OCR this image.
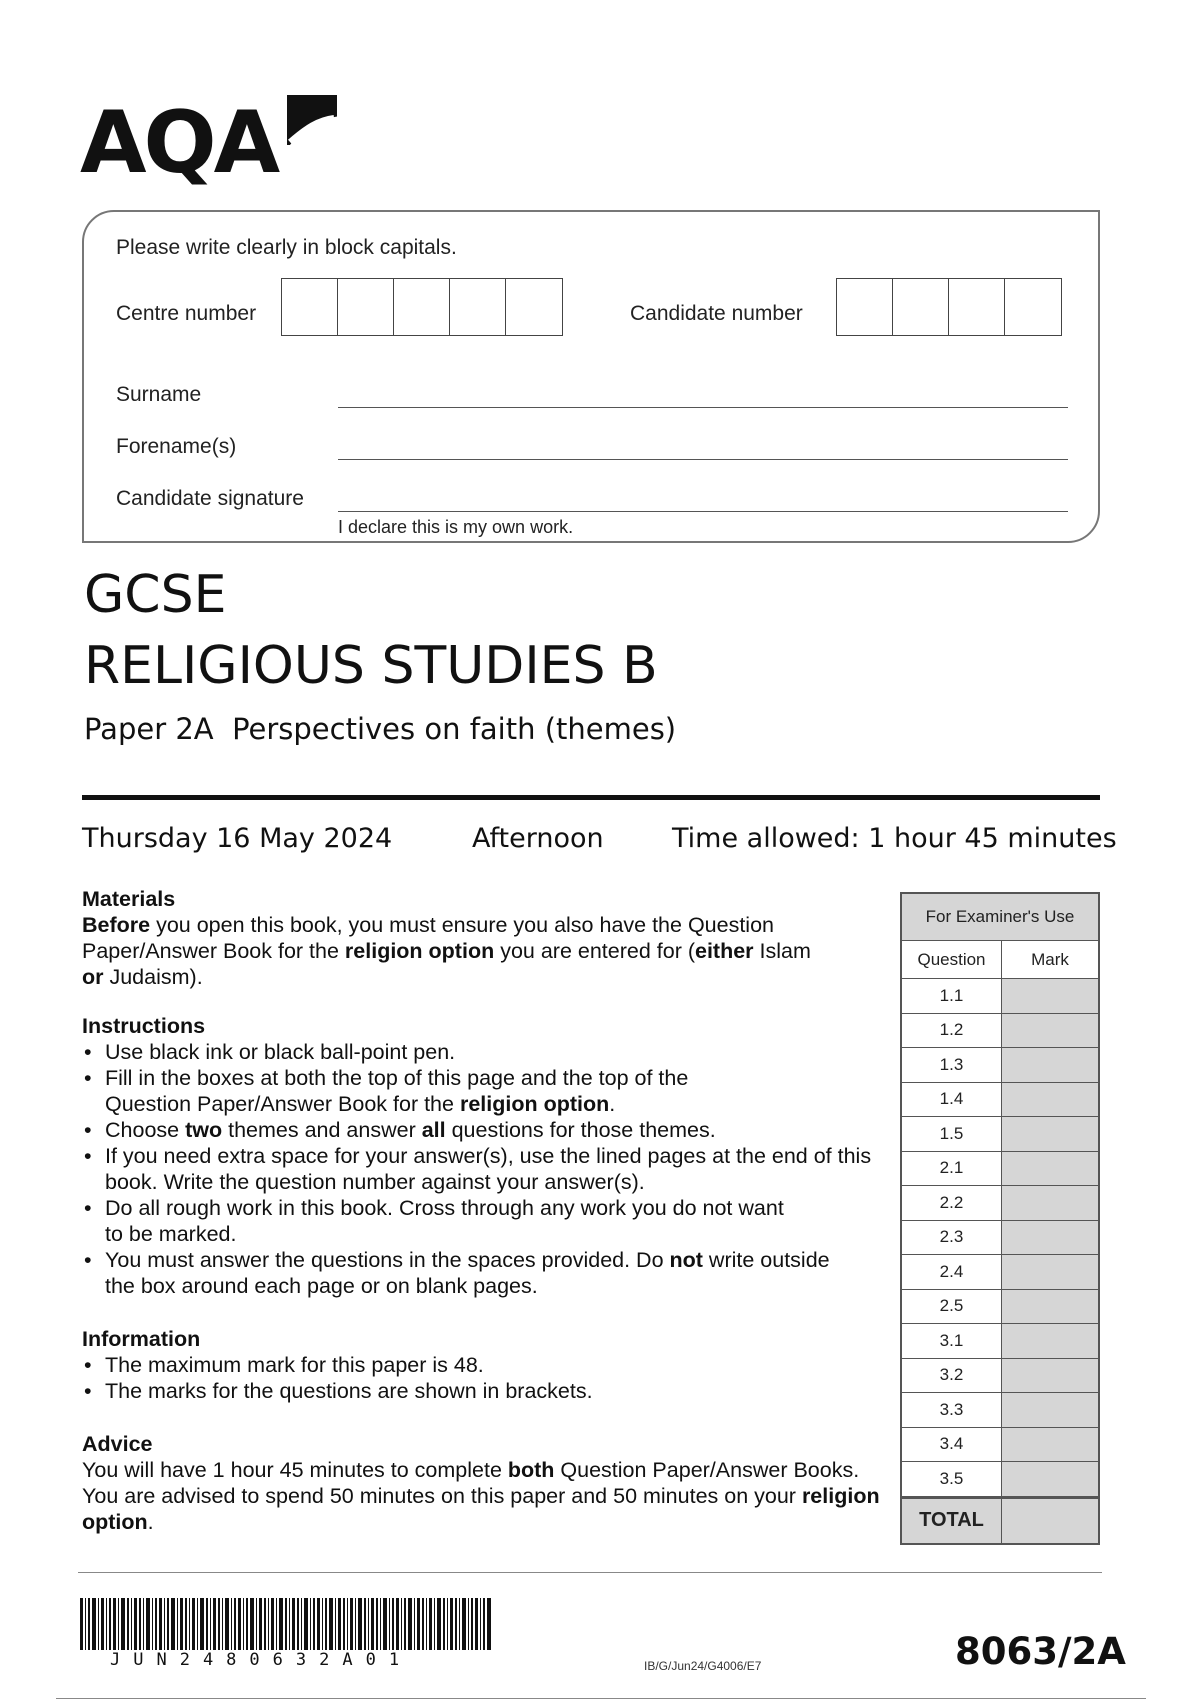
AQA
Please write clearly in block capitals.
Centre number	Candidate number
Surname
Forename(s)
Candidate signature
I declare this is my own work.
GCSE
RELIGIOUS STUDIES B
Paper 2A  Perspectives on faith (themes)
Thursday 16 May 2024	Afternoon	Time allowed: 1 hour 45 minutes
Materials
Before you open this book, you must ensure you also have the Question Paper/Answer Book for the religion option you are entered for (either Islam or Judaism).
Instructions
• Use black ink or black ball-point pen.
• Fill in the boxes at both the top of this page and the top of the Question Paper/Answer Book for the religion option.
• Choose two themes and answer all questions for those themes.
• If you need extra space for your answer(s), use the lined pages at the end of this book. Write the question number against your answer(s).
• Do all rough work in this book. Cross through any work you do not want to be marked.
• You must answer the questions in the spaces provided. Do not write outside the box around each page or on blank pages.
Information
• The maximum mark for this paper is 48.
• The marks for the questions are shown in brackets.
Advice
You will have 1 hour 45 minutes to complete both Question Paper/Answer Books. You are advised to spend 50 minutes on this paper and 50 minutes on your religion option.
For Examiner's Use
Question	Mark
1.1
1.2
1.3
1.4
1.5
2.1
2.2
2.3
2.4
2.5
3.1
3.2
3.3
3.4
3.5
TOTAL
JUN2480632A01	IB/G/Jun24/G4006/E7	8063/2A
